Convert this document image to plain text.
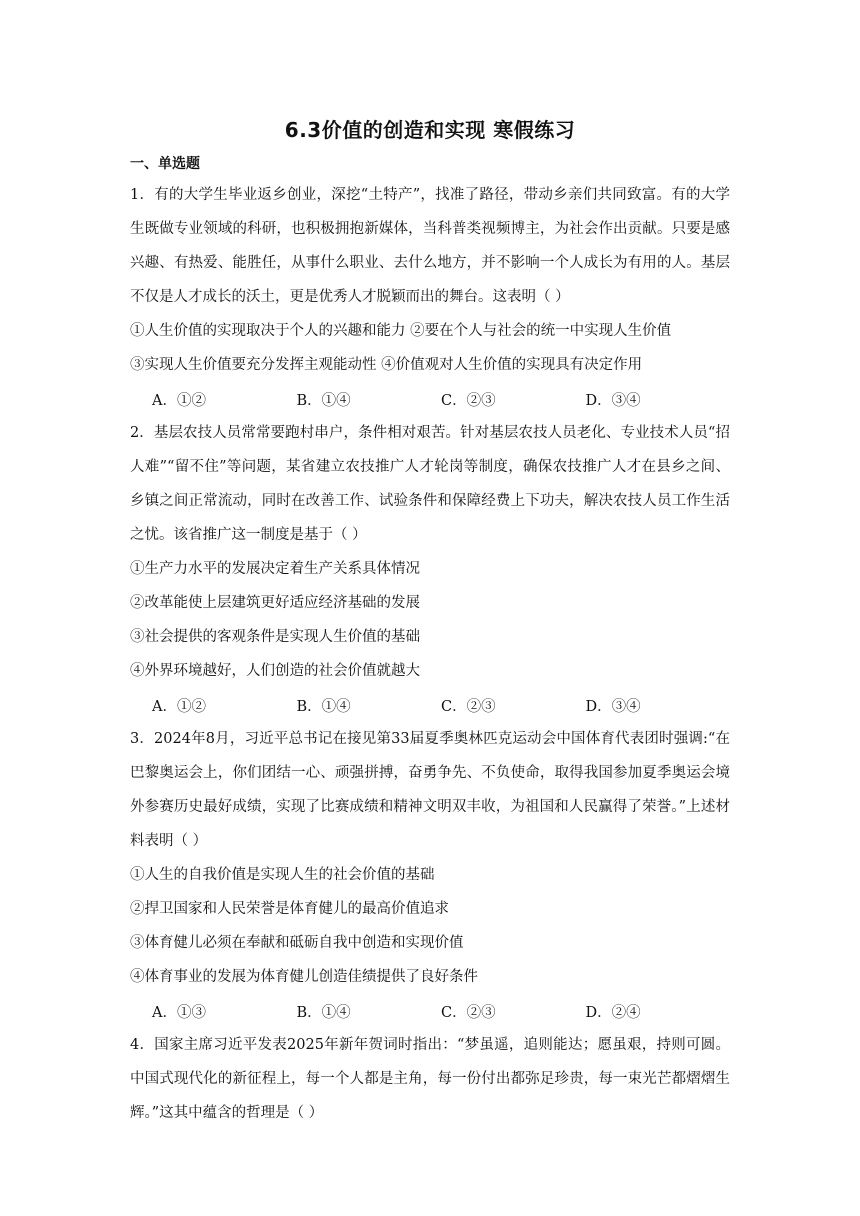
6.3价值的创造和实现 寒假练习
一、单选题

1．有的大学生毕业返乡创业，深挖“土特产”，找准了路径，带动乡亲们共同致富。有的大学生既做专业领域的科研，也积极拥抱新媒体，当科普类视频博主，为社会作出贡献。只要是感兴趣、有热爱、能胜任，从事什么职业、去什么地方，并不影响一个人成长为有用的人。基层不仅是人才成长的沃土，更是优秀人才脱颖而出的舞台。这表明（ ）

①人生价值的实现取决于个人的兴趣和能力 ②要在个人与社会的统一中实现人生价值

③实现人生价值要充分发挥主观能动性 ④价值观对人生价值的实现具有决定作用

A．①②	B．①④	C．②③	D．③④

2．基层农技人员常常要跑村串户，条件相对艰苦。针对基层农技人员老化、专业技术人员“招人难”“留不住”等问题，某省建立农技推广人才轮岗等制度，确保农技推广人才在县乡之间、乡镇之间正常流动，同时在改善工作、试验条件和保障经费上下功夫，解决农技人员工作生活之忧。该省推广这一制度是基于（ ）

①生产力水平的发展决定着生产关系具体情况

②改革能使上层建筑更好适应经济基础的发展

③社会提供的客观条件是实现人生价值的基础

④外界环境越好，人们创造的社会价值就越大

A．①②	B．①④	C．②③	D．③④

3．2024年8月，习近平总书记在接见第33届夏季奥林匹克运动会中国体育代表团时强调:“在巴黎奥运会上，你们团结一心、顽强拼搏，奋勇争先、不负使命，取得我国参加夏季奥运会境外参赛历史最好成绩，实现了比赛成绩和精神文明双丰收，为祖国和人民赢得了荣誉。”上述材料表明（ ）

①人生的自我价值是实现人生的社会价值的基础

②捍卫国家和人民荣誉是体育健儿的最高价值追求

③体育健儿必须在奉献和砥砺自我中创造和实现价值

④体育事业的发展为体育健儿创造佳绩提供了良好条件

A．①③	B．①④	C．②③	D．②④

4．国家主席习近平发表2025年新年贺词时指出：“梦虽遥，追则能达；愿虽艰，持则可圆。中国式现代化的新征程上，每一个人都是主角，每一份付出都弥足珍贵，每一束光芒都熠熠生辉。”这其中蕴含的哲理是（ ）
